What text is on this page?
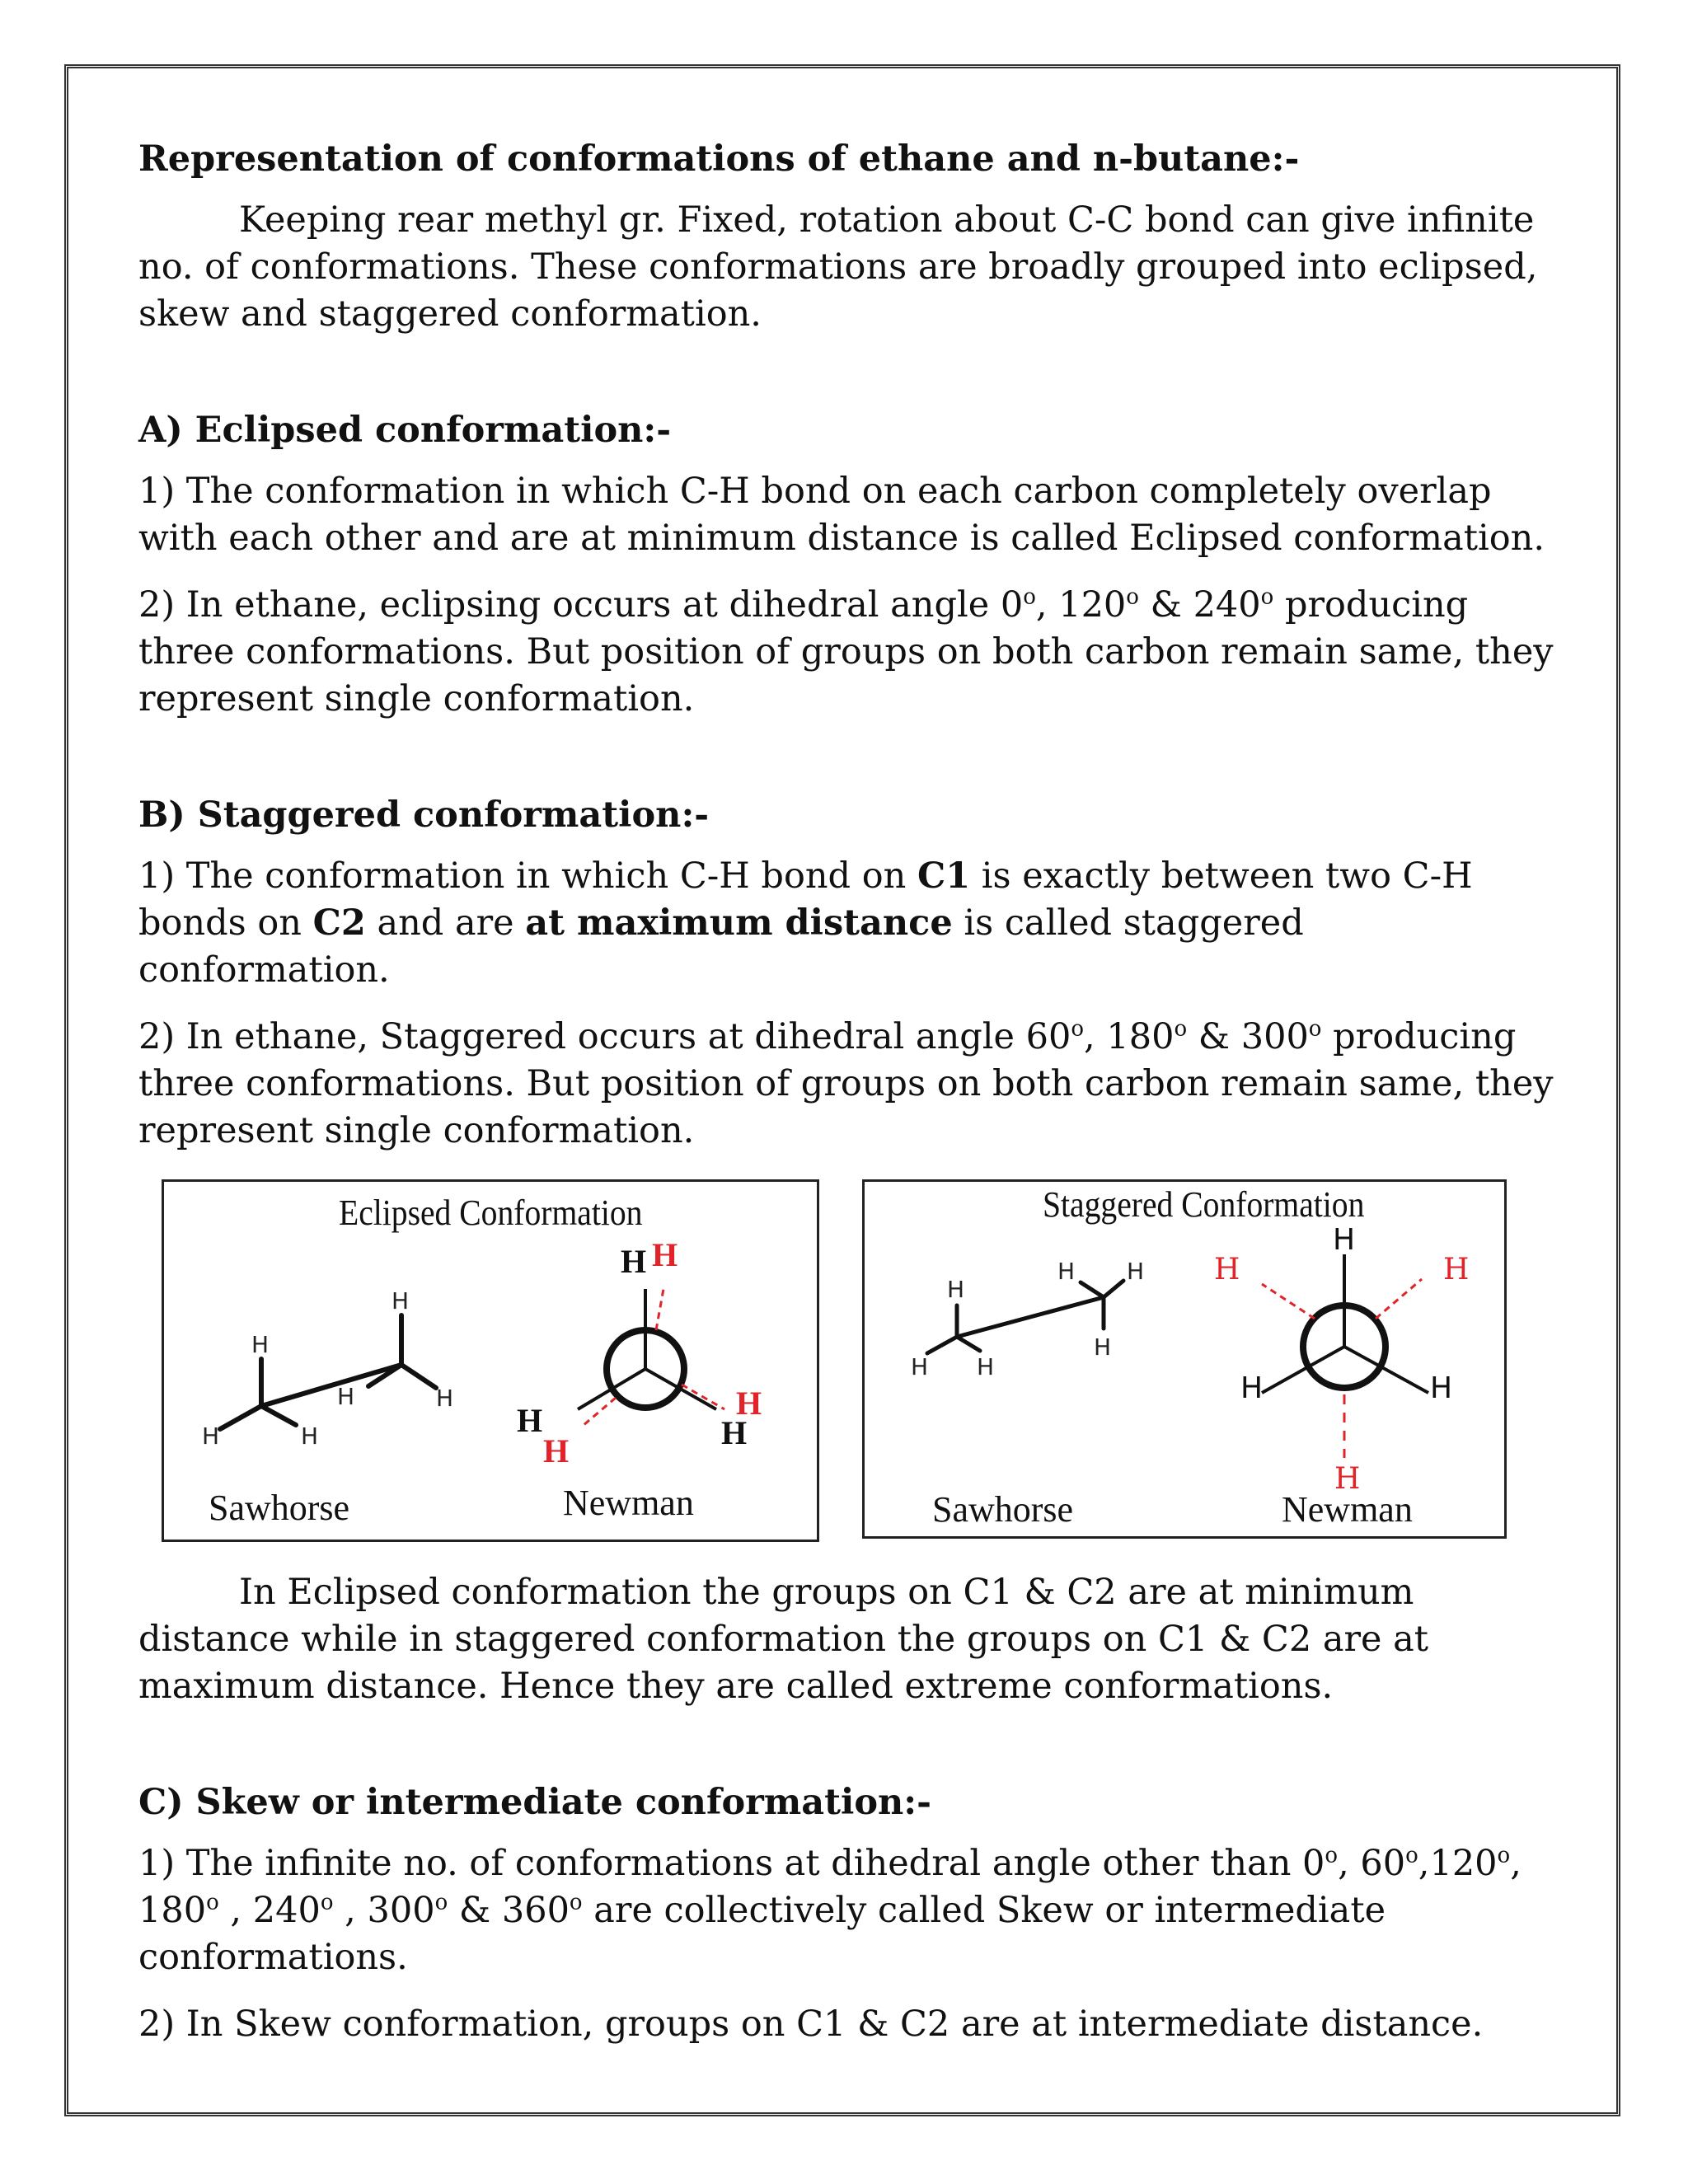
Representation of conformations of ethane and n-butane:-

Keeping rear methyl gr. Fixed, rotation about C-C bond can give infinite no. of conformations. These conformations are broadly grouped into eclipsed, skew and staggered conformation.

A) Eclipsed conformation:-

1) The conformation in which C-H bond on each carbon completely overlap with each other and are at minimum distance is called Eclipsed conformation.

2) In ethane, eclipsing occurs at dihedral angle 0$^o$, 120$^o$ & 240$^o$ producing three conformations. But position of groups on both carbon remain same, they represent single conformation.

B) Staggered conformation:-

1) The conformation in which C-H bond on C1 is exactly between two C-H bonds on C2 and are at maximum distance is called staggered conformation.

2) In ethane, Staggered occurs at dihedral angle 60$^o$, 180$^o$ & 300$^o$ producing three conformations. But position of groups on both carbon remain same, they represent single conformation.

H
H	H
H
H	H
H H
H
H
H
H
Eclipsed Conformation
Sawhorse	Newman
H
H H
H H
H
H
H	H
H	H
H
Staggered Conformation
Sawhorse	Newman

In Eclipsed conformation the groups on C1 & C2 are at minimum distance while in staggered conformation the groups on C1 & C2 are at maximum distance. Hence they are called extreme conformations.

C) Skew or intermediate conformation:-

1) The infinite no. of conformations at dihedral angle other than 0$^o$, 60$^o$,120$^o$, 180$^o$ , 240$^o$ , 300$^o$ & 360$^o$ are collectively called Skew or intermediate conformations.

2) In Skew conformation, groups on C1 & C2 are at intermediate distance.
